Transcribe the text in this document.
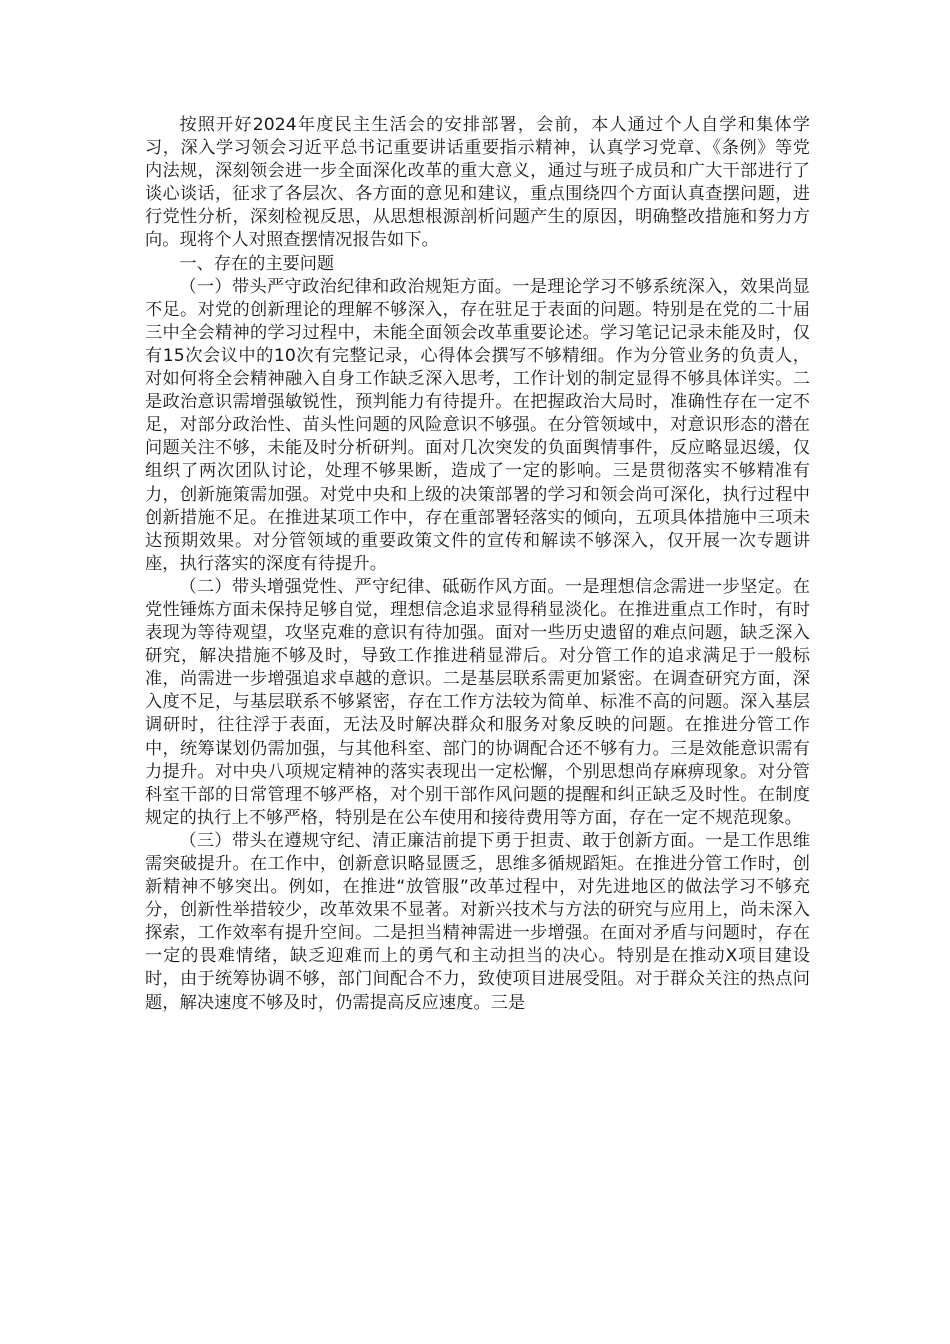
按照开好2024年度民主生活会的安排部署，会前，本人通过个人自学和集体学习，深入学习领会习近平总书记重要讲话重要指示精神，认真学习党章、《条例》等党内法规，深刻领会进一步全面深化改革的重大意义，通过与班子成员和广大干部进行了谈心谈话，征求了各层次、各方面的意见和建议，重点围绕四个方面认真查摆问题，进行党性分析，深刻检视反思，从思想根源剖析问题产生的原因，明确整改措施和努力方向。现将个人对照查摆情况报告如下。

一、存在的主要问题

（一）带头严守政治纪律和政治规矩方面。一是理论学习不够系统深入，效果尚显不足。对党的创新理论的理解不够深入，存在驻足于表面的问题。特别是在党的二十届三中全会精神的学习过程中，未能全面领会改革重要论述。学习笔记记录未能及时，仅有15次会议中的10次有完整记录，心得体会撰写不够精细。作为分管业务的负责人，对如何将全会精神融入自身工作缺乏深入思考，工作计划的制定显得不够具体详实。二是政治意识需增强敏锐性，预判能力有待提升。在把握政治大局时，准确性存在一定不足，对部分政治性、苗头性问题的风险意识不够强。在分管领域中，对意识形态的潜在问题关注不够，未能及时分析研判。面对几次突发的负面舆情事件，反应略显迟缓，仅组织了两次团队讨论，处理不够果断，造成了一定的影响。三是贯彻落实不够精准有力，创新施策需加强。对党中央和上级的决策部署的学习和领会尚可深化，执行过程中创新措施不足。在推进某项工作中，存在重部署轻落实的倾向，五项具体措施中三项未达预期效果。对分管领域的重要政策文件的宣传和解读不够深入，仅开展一次专题讲座，执行落实的深度有待提升。

（二）带头增强党性、严守纪律、砥砺作风方面。一是理想信念需进一步坚定。在党性锤炼方面未保持足够自觉，理想信念追求显得稍显淡化。在推进重点工作时，有时表现为等待观望，攻坚克难的意识有待加强。面对一些历史遗留的难点问题，缺乏深入研究，解决措施不够及时，导致工作推进稍显滞后。对分管工作的追求满足于一般标准，尚需进一步增强追求卓越的意识。二是基层联系需更加紧密。在调查研究方面，深入度不足，与基层联系不够紧密，存在工作方法较为简单、标准不高的问题。深入基层调研时，往往浮于表面，无法及时解决群众和服务对象反映的问题。在推进分管工作中，统筹谋划仍需加强，与其他科室、部门的协调配合还不够有力。三是效能意识需有力提升。对中央八项规定精神的落实表现出一定松懈，个别思想尚存麻痹现象。对分管科室干部的日常管理不够严格，对个别干部作风问题的提醒和纠正缺乏及时性。在制度规定的执行上不够严格，特别是在公车使用和接待费用等方面，存在一定不规范现象。

（三）带头在遵规守纪、清正廉洁前提下勇于担责、敢于创新方面。一是工作思维需突破提升。在工作中，创新意识略显匮乏，思维多循规蹈矩。在推进分管工作时，创新精神不够突出。例如，在推进“放管服”改革过程中，对先进地区的做法学习不够充分，创新性举措较少，改革效果不显著。对新兴技术与方法的研究与应用上，尚未深入探索，工作效率有提升空间。二是担当精神需进一步增强。在面对矛盾与问题时，存在一定的畏难情绪，缺乏迎难而上的勇气和主动担当的决心。特别是在推动X项目建设时，由于统筹协调不够，部门间配合不力，致使项目进展受阻。对于群众关注的热点问题，解决速度不够及时，仍需提高反应速度。三是
